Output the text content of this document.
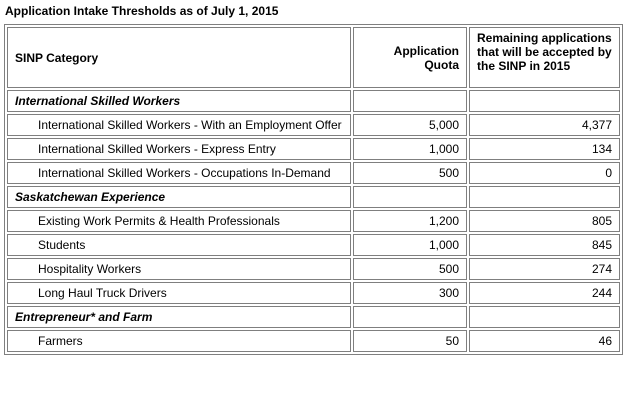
Application Intake Thresholds as of July 1, 2015
SINP Category	Application Quota	Remaining applications that will be accepted by the SINP in 2015
International Skilled Workers		
International Skilled Workers - With an Employment Offer	5,000	4,377
International Skilled Workers - Express Entry	1,000	134
International Skilled Workers - Occupations In-Demand	500	0
Saskatchewan Experience		
Existing Work Permits & Health Professionals	1,200	805
Students	1,000	845
Hospitality Workers	500	274
Long Haul Truck Drivers	300	244
Entrepreneur* and Farm		
Farmers	50	46
